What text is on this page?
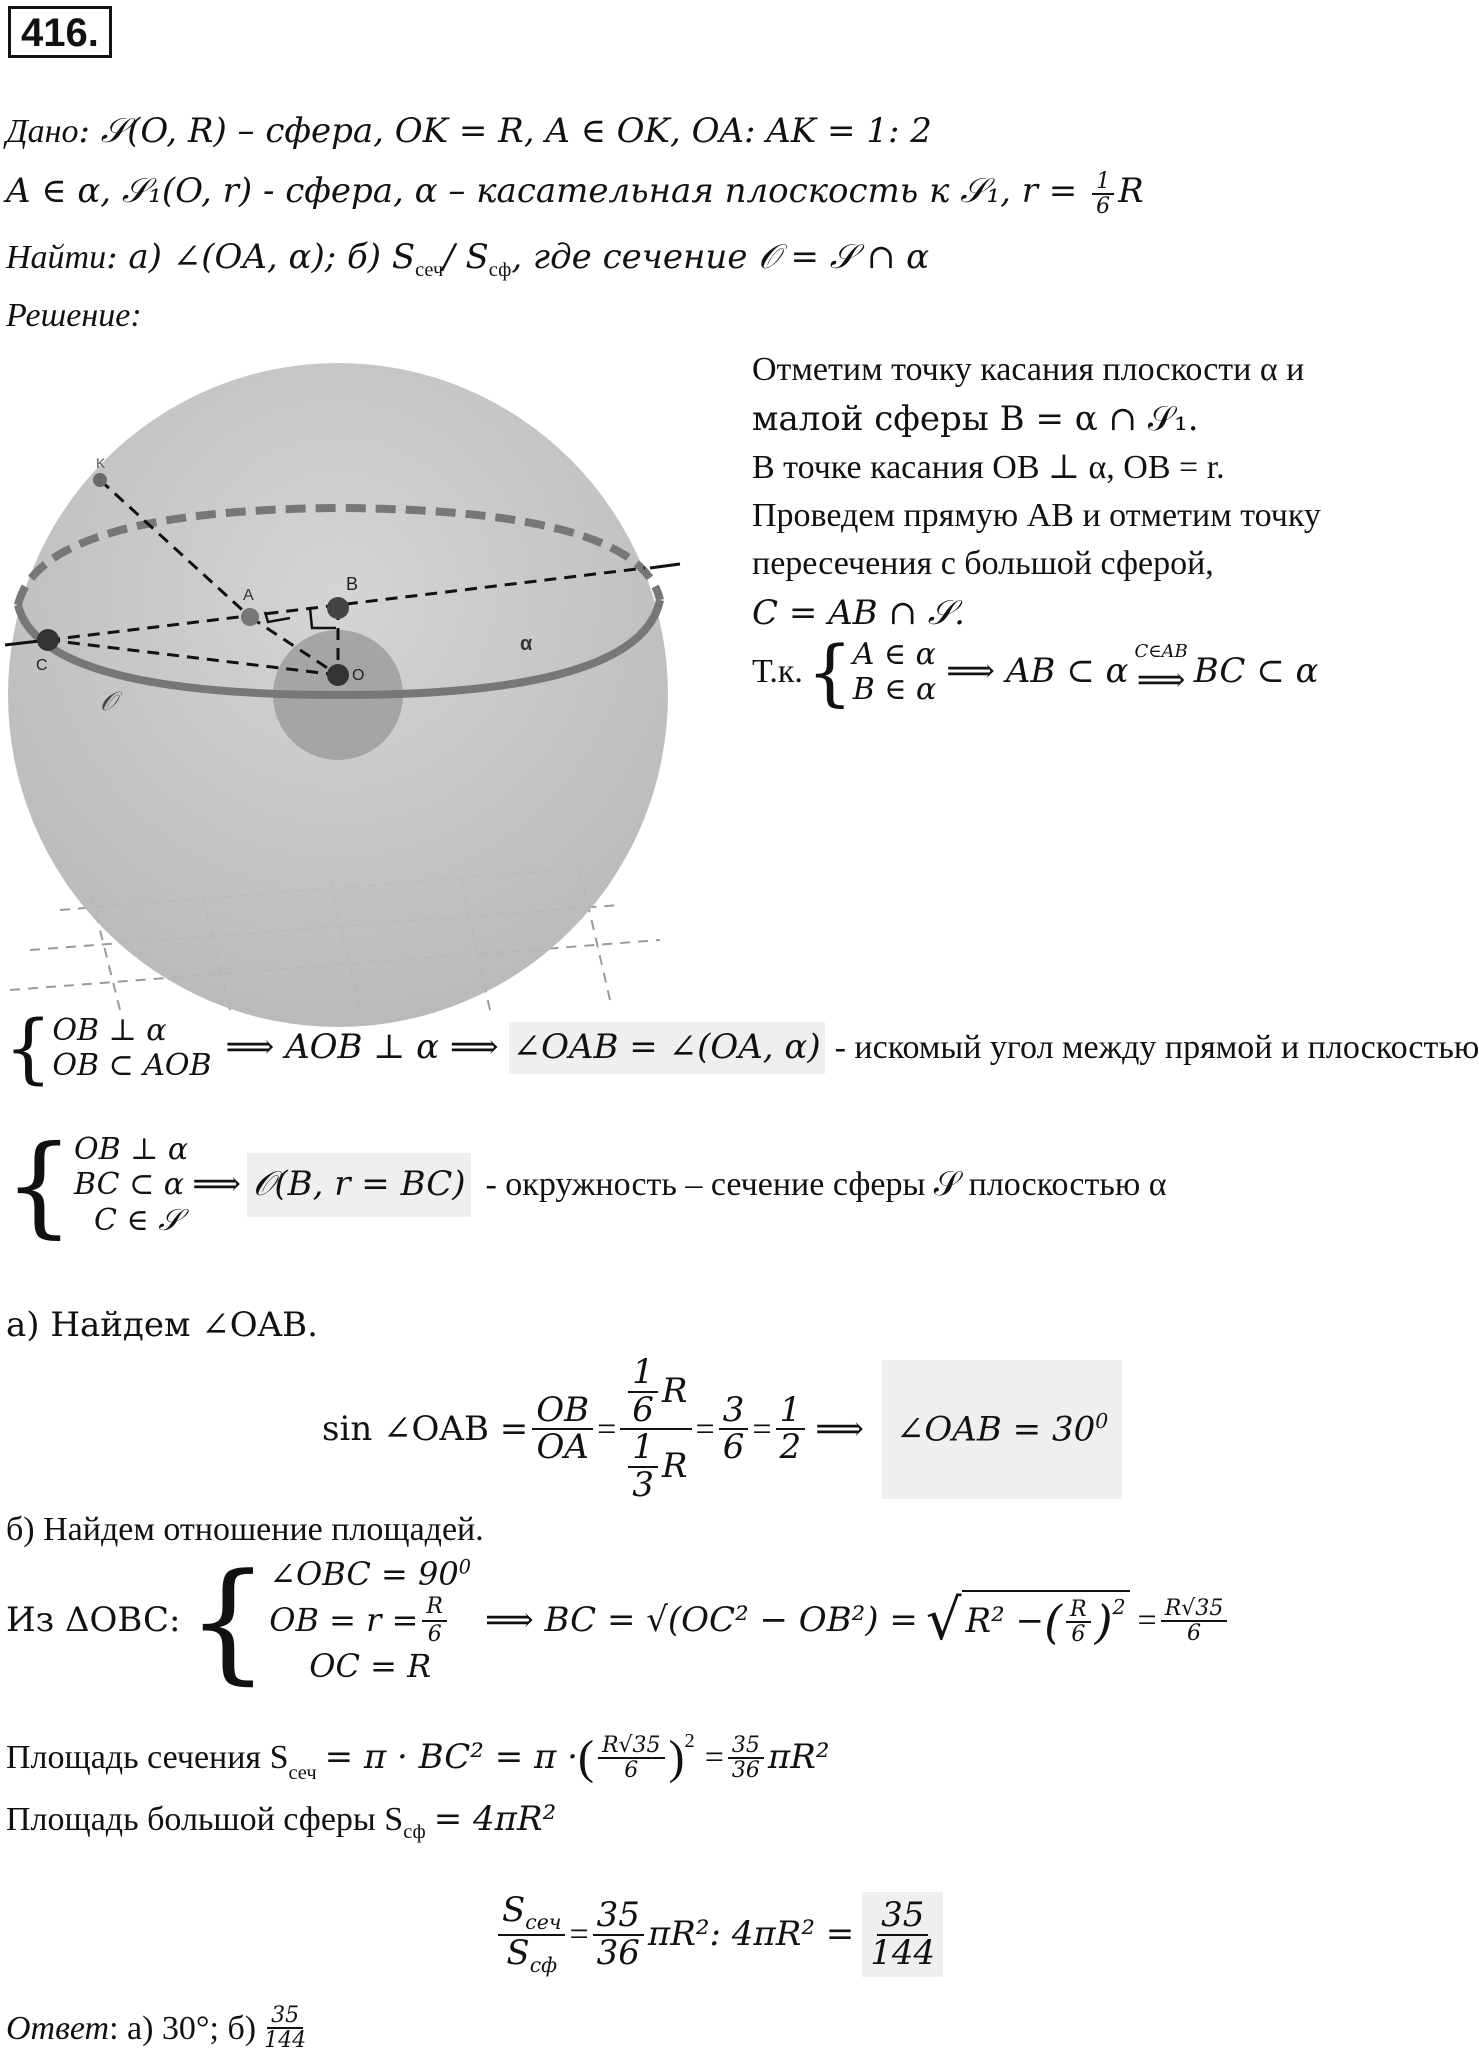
416.
Дано: 𝒮(O, R) – сфера, OK = R, A ∈ OK, OA: AK = 1: 2
A ∈ α, 𝒮₁(O, r) - сфера, α – касательная плоскость к 𝒮₁, $r = \frac{1}{6}$ R
Найти: а) ∠(OA, α); б) $S_{сеч}/$ $S_{сф}$, где сечение 𝒪 = 𝒮 ∩ α
Решение:
K
A
B
O
C
α
𝒪
Отметим точку касания плоскости α и
малой сферы B = α ∩ 𝒮₁.
В точке касания OB ⊥ α, OB = r.
Проведем прямую AB и отметим точку
пересечения с большой сферой,
C = AB ∩ 𝒮.
Т.к. { A ∈ α
B ∈ α ⟹ AB ⊂ α C∈AB
⟹ BC ⊂ α
{ OB ⊥ α
OB ⊂ AOB ⟹ AOB ⊥ α ⟹ ∠OAB = ∠(OA, α) - искомый угол между прямой и плоскостью
{ OB ⊥ α
BC ⊂ α
C ∈ 𝒮
⟹ 𝒪(B, r = BC) - окружность – сечение сферы 𝒮 плоскостью α
а) Найдем ∠OAB.
sin ∠OAB = $\frac{OB}{OA} = \frac{\frac{1}{6} R}{\frac{1}{3} R} = \frac{3}{6} = \frac{1}{2}$ ⟹ ∠OAB = $30^0$
б) Найдем отношение площадей.
Из ΔOBC: { ∠OBC = $90^0$
OB = $r = \frac{R}{6}$
OC = R
⟹ BC = √(OC² − OB²) = √ R² − ( $\frac{R}{6} )^2 = \frac{R√35}{6}$
Площадь сечения $S_{сеч} = \pi \cdot BC^2 = \pi$ · ( $\frac{R√35}{6} )^2 = \frac{35}{36} \pi R^2$
Площадь большой сферы $S_{сф} = 4\pi R^2$
$\frac{S_{сеч}}{S_{сф}} = \frac{35}{36} \pi R^2$: $4\pi R^2 = \frac{35}{144}$
Ответ : а) 30°; $б) \frac{35}{144}$
